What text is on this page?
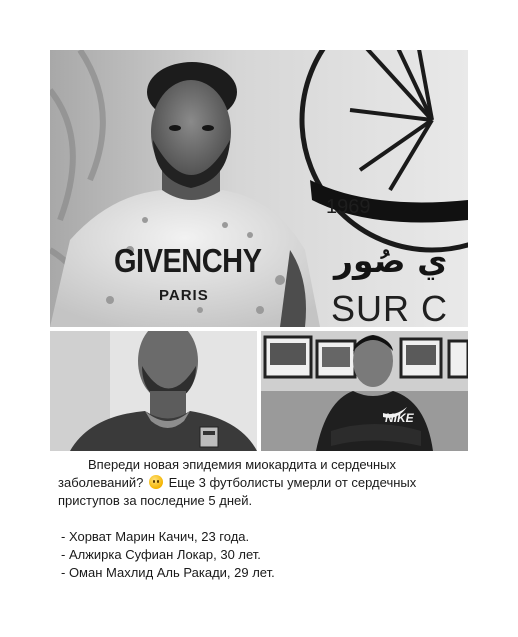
GIVENCHY
PARIS
1969
ي صُور
SUR C
NIKE

Впереди новая эпидемия миокардита и сердечных

заболеваний?  Еще 3 футболисты умерли от сердечных

приступов за последние 5 дней.

- Хорват Марин Качич, 23 года.

- Алжирка Суфиан Локар, 30 лет.

- Оман Махлид Аль Ракади, 29 лет.
